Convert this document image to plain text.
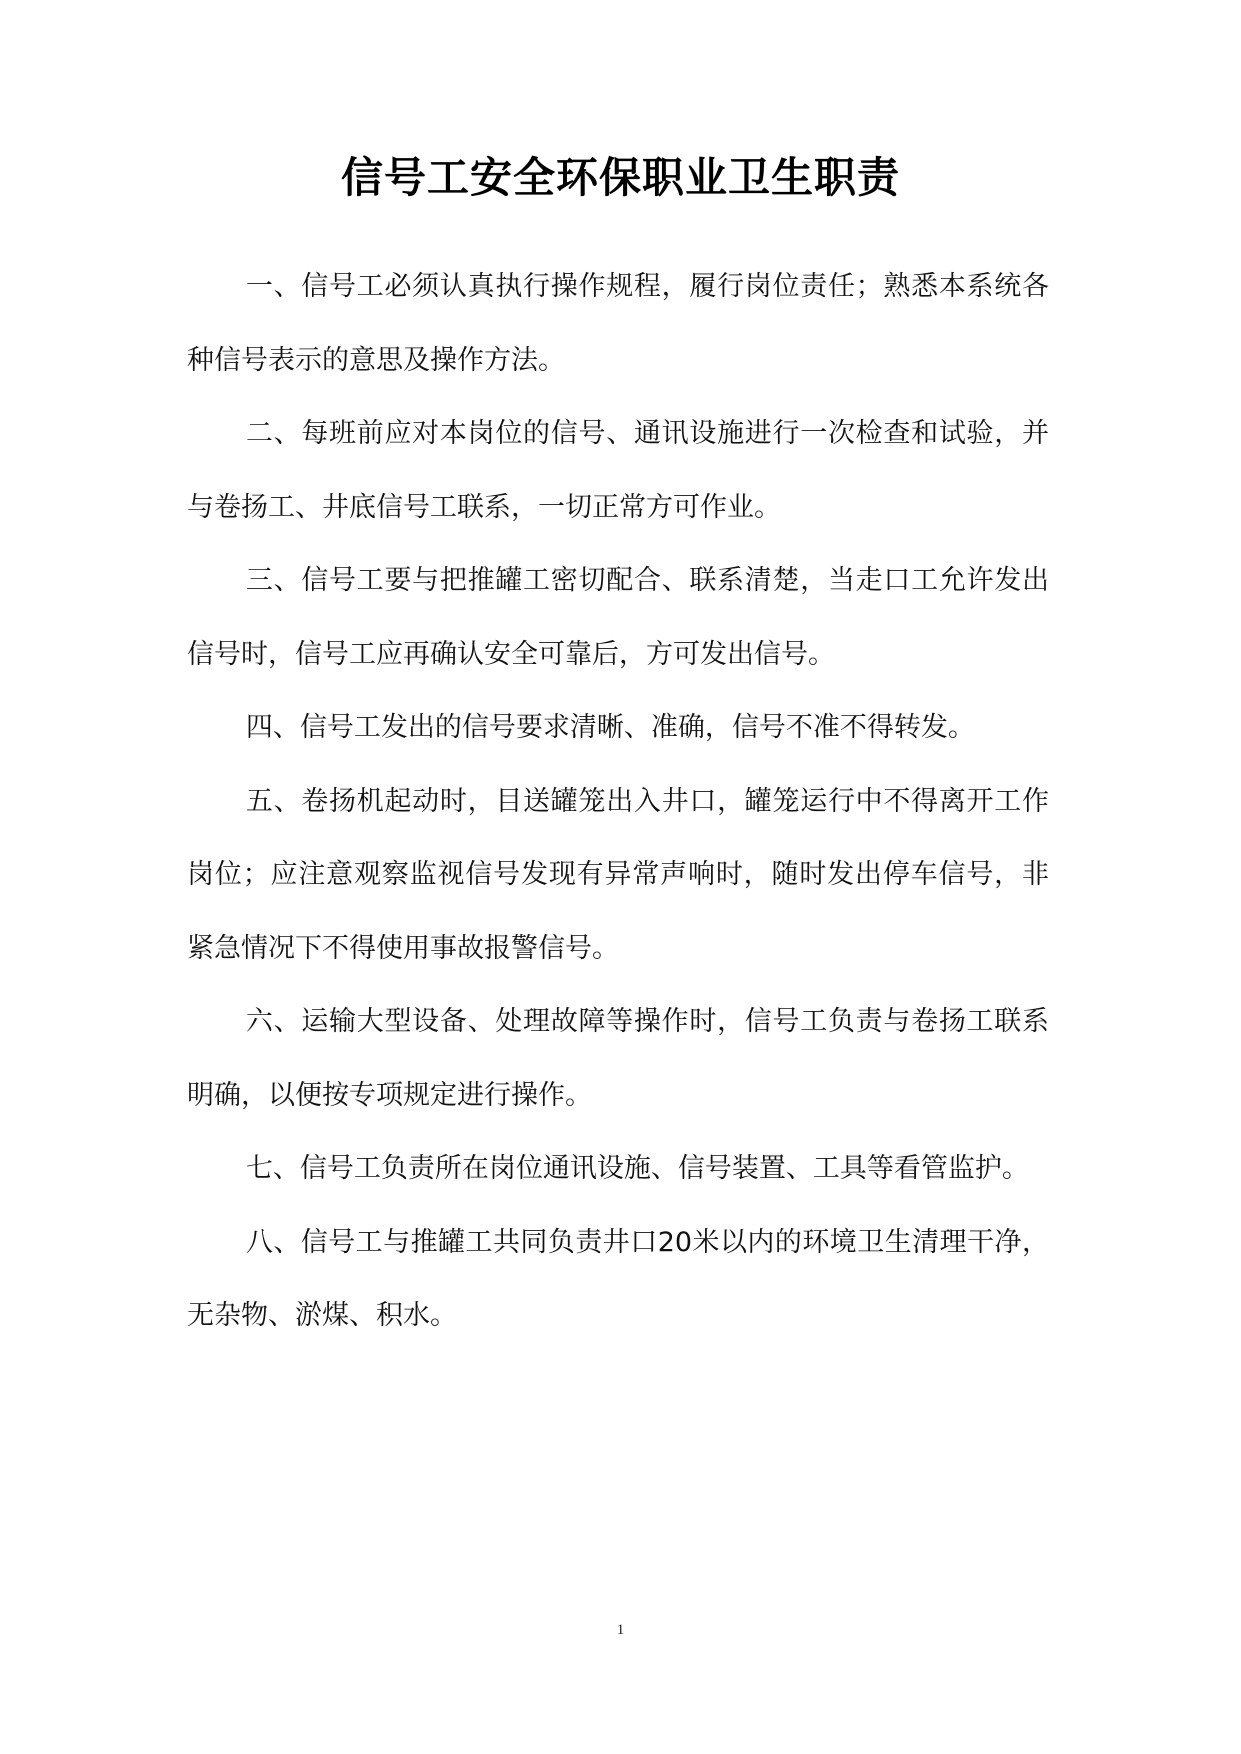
信号工安全环保职业卫生职责

一、信号工必须认真执行操作规程，履行岗位责任；熟悉本系统各种信号表示的意思及操作方法。

二、每班前应对本岗位的信号、通讯设施进行一次检查和试验，并与卷扬工、井底信号工联系，一切正常方可作业。

三、信号工要与把推罐工密切配合、联系清楚，当走口工允许发出信号时，信号工应再确认安全可靠后，方可发出信号。

四、信号工发出的信号要求清晰、准确，信号不准不得转发。

五、卷扬机起动时，目送罐笼出入井口，罐笼运行中不得离开工作岗位；应注意观察监视信号发现有异常声响时，随时发出停车信号，非紧急情况下不得使用事故报警信号。

六、运输大型设备、处理故障等操作时，信号工负责与卷扬工联系明确，以便按专项规定进行操作。

七、信号工负责所在岗位通讯设施、信号装置、工具等看管监护。

八、信号工与推罐工共同负责井口20米以内的环境卫生清理干净，无杂物、淤煤、积水。

1
